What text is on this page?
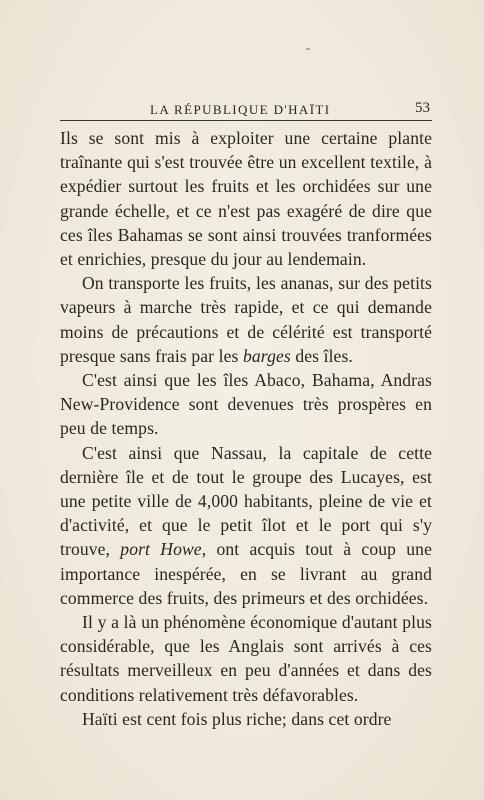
LA RÉPUBLIQUE D'HAÏTI	53

Ils se sont mis à exploiter une certaine plante traînante qui s'est trouvée être un excellent textile, à expédier surtout les fruits et les orchidées sur une grande échelle, et ce n'est pas exagéré de dire que ces îles Bahamas se sont ainsi trouvées tranformées et enrichies, presque du jour au lendemain.

On transporte les fruits, les ananas, sur des petits vapeurs à marche très rapide, et ce qui demande moins de précautions et de célérité est transporté presque sans frais par les barges des îles.

C'est ainsi que les îles Abaco, Bahama, Andras New-Providence sont devenues très prospères en peu de temps.

C'est ainsi que Nassau, la capitale de cette dernière île et de tout le groupe des Lucayes, est une petite ville de 4,000 habitants, pleine de vie et d'activité, et que le petit îlot et le port qui s'y trouve, port Howe, ont acquis tout à coup une importance inespérée, en se livrant au grand commerce des fruits, des primeurs et des orchidées.

Il y a là un phénomène économique d'autant plus considérable, que les Anglais sont arrivés à ces résultats merveilleux en peu d'années et dans des conditions relativement très défavorables.

Haïti est cent fois plus riche; dans cet ordre
